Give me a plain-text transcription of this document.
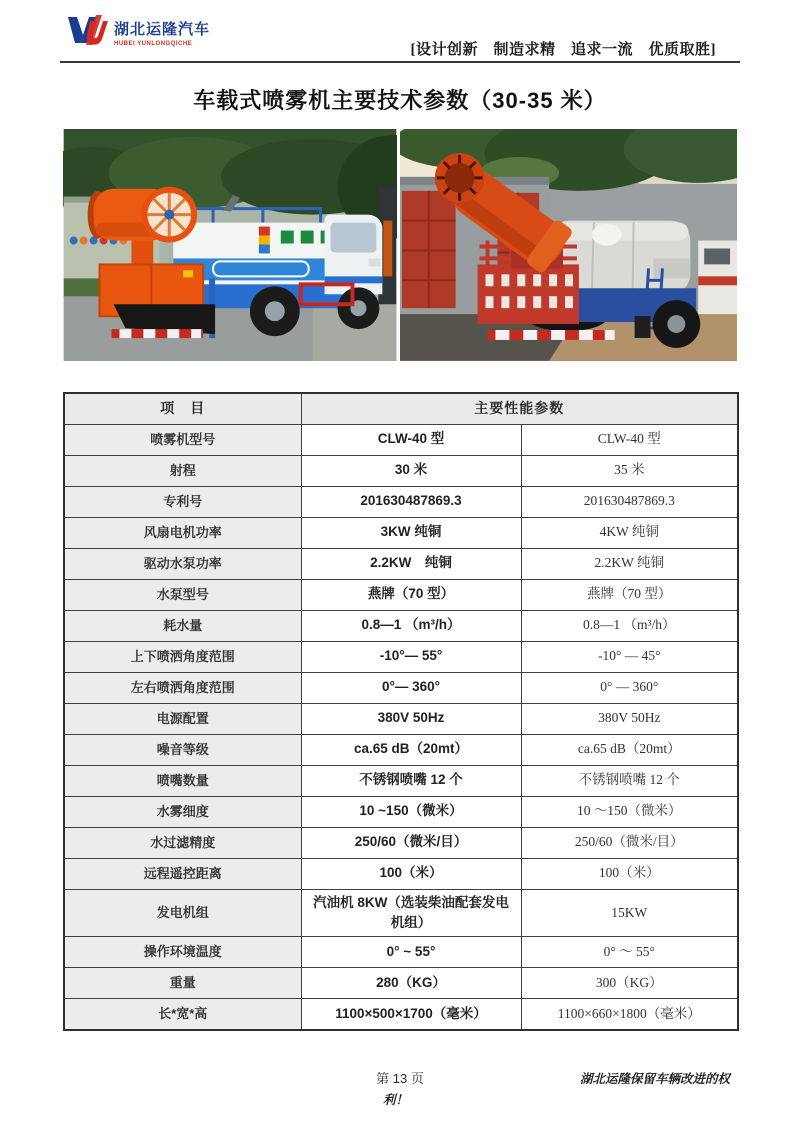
湖北运隆汽车
HUBEI YUNLONGQICHE	[设计创新　制造求精　追求一流　优质取胜]
车载式喷雾机主要技术参数（30-35 米）
项　目	主要性能参数	
喷雾机型号	CLW-40 型	CLW-40 型
射程	30 米	35 米
专利号	201630487869.3	201630487869.3
风扇电机功率	3KW 纯铜	4KW 纯铜
驱动水泵功率	2.2KW　纯铜	2.2KW 纯铜
水泵型号	燕牌（70 型）	燕牌（70 型）
耗水量	0.8—1 （m³/h）	0.8—1 （m³/h）
上下喷洒角度范围	-10°— 55°	-10° — 45°
左右喷洒角度范围	0°— 360°	0° — 360°
电源配置	380V 50Hz	380V 50Hz
噪音等级	ca.65 dB（20mt）	ca.65 dB（20mt）
喷嘴数量	不锈钢喷嘴 12 个	不锈钢喷嘴 12 个
水雾细度	10 ~150（微米）	10 ～150（微米）
水过滤精度	250/60（微米/目）	250/60（微米/目）
远程遥控距离	100（米）	100（米）
发电机组	汽油机 8KW（选装柴油配套发电机组）	15KW
操作环境温度	0° ~ 55°	0° ～ 55°
重量	280（KG）	300（KG）
长*宽*高	1100×500×1700（毫米）	1100×660×1800（毫米）
第 13 页	湖北运隆保留车辆改进的权
利！
